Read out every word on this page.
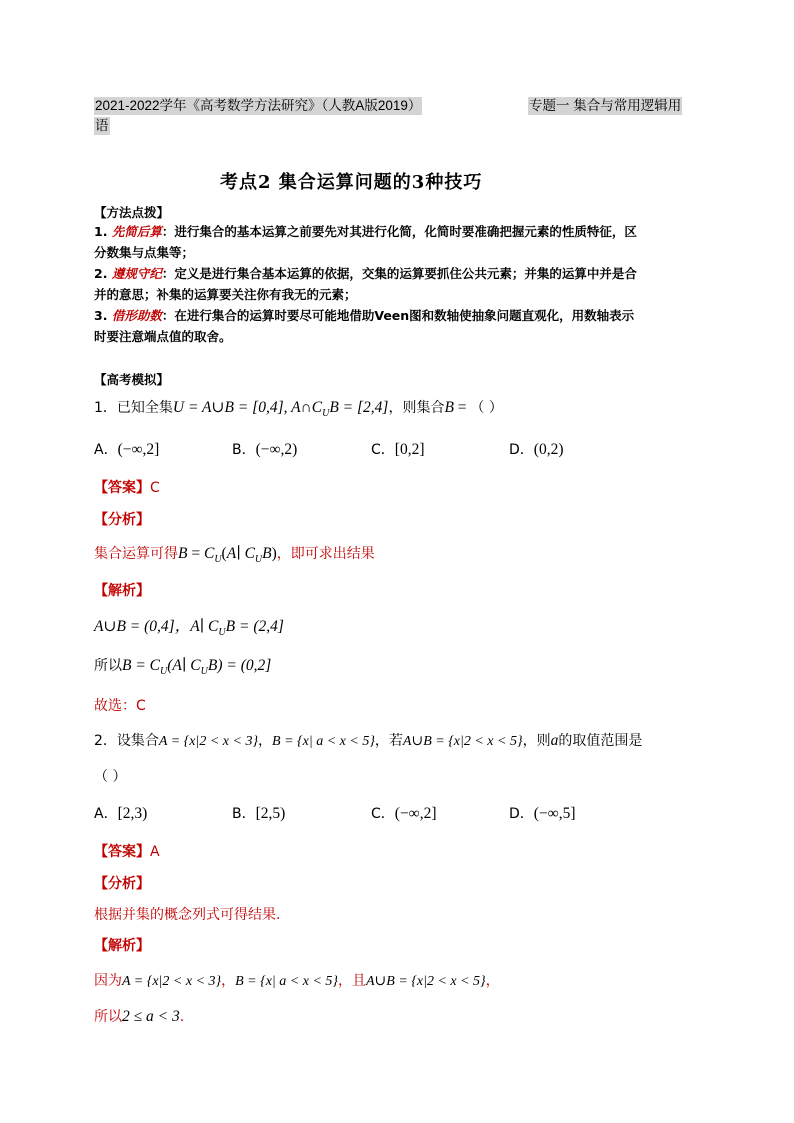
2021-2022学年《高考数学方法研究》（人教A版2019）	专题一 集合与常用逻辑用
语
考点2 集合运算问题的3种技巧
【方法点拨】
1. 先简后算：进行集合的基本运算之前要先对其进行化简，化简时要准确把握元素的性质特征，区
分数集与点集等；
2. 遵规守纪：定义是进行集合基本运算的依据，交集的运算要抓住公共元素；并集的运算中并是合
并的意思；补集的运算要关注你有我无的元素；
3. 借形助数：在进行集合的运算时要尽可能地借助Veen图和数轴使抽象问题直观化，用数轴表示
时要注意端点值的取舍。
【高考模拟】
1．已知全集U = A∪B = [0,4], $A\cap C_UB = [2,4]$，则集合B = （ ）
A．(−∞,2]	B．(−∞,2)	C．[0,2]	D．(0,2)
【答案】C
【分析】
集合运算可得$B = C_U(A∣$ $C_UB$)，即可求出结果
【解析】
A∪B = (0,4]，A∣ $C_UB = (2,4]$
所以$B = C_U(A∣$ $C_UB) = (0,2]$
故选：C
2．设集合A = {x|2 < x < 3}，B = {x| a < x < 5}，若A∪B = {x|2 < x < 5}，则a的取值范围是
（ ）
A．[2,3)	B．[2,5)	C．(−∞,2]	D．(−∞,5]
【答案】A
【分析】
根据并集的概念列式可得结果.
【解析】
因为A = {x|2 < x < 3}，B = {x| a < x < 5}，且A∪B = {x|2 < x < 5}，
所以2 ≤ a < 3.
